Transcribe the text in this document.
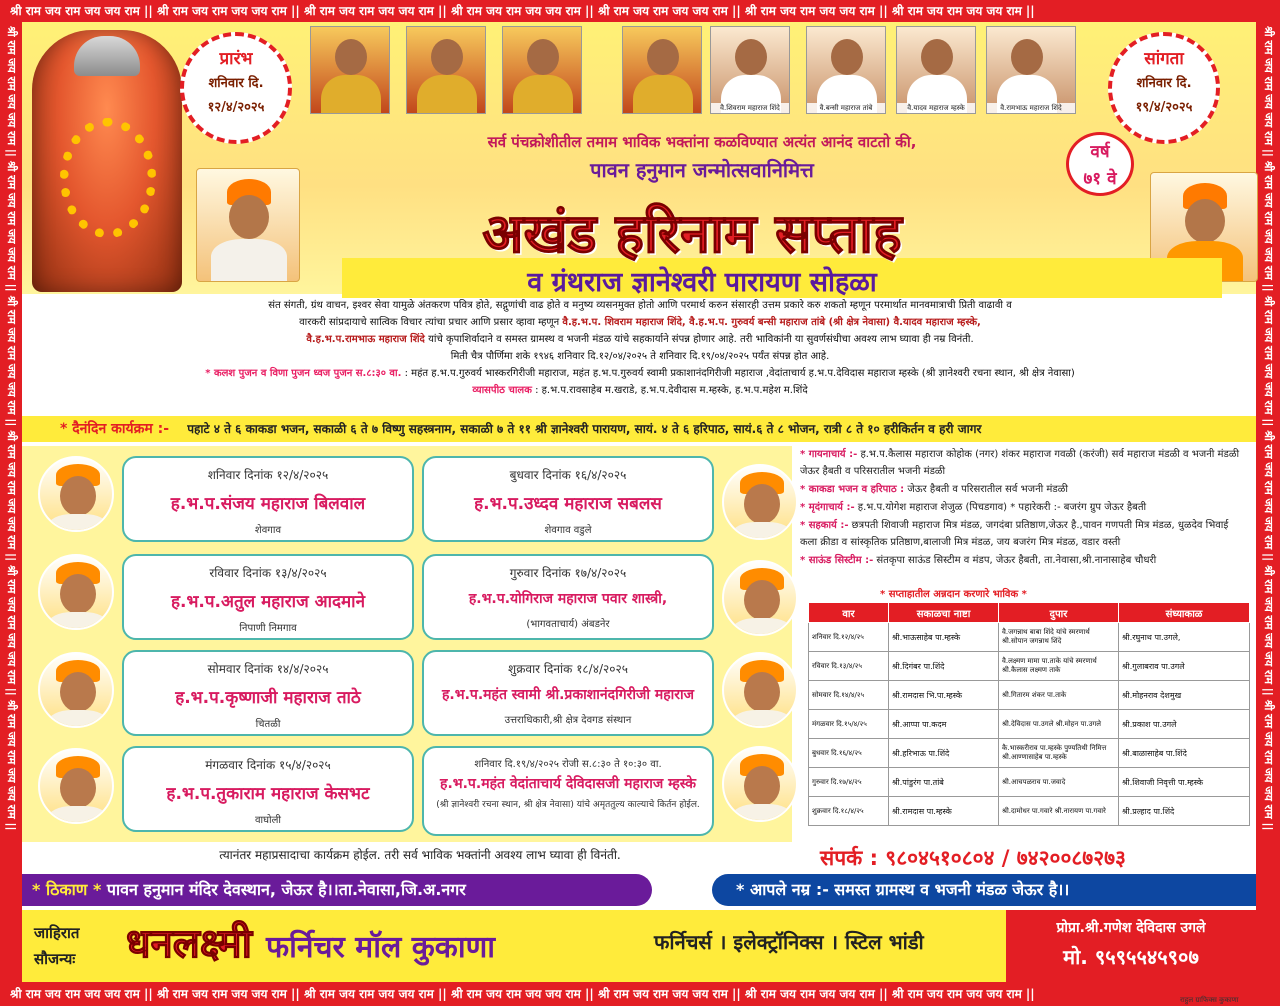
श्री राम जय राम जय जय राम || श्री राम जय राम जय जय राम || श्री राम जय राम जय जय राम || श्री राम जय राम जय जय राम || श्री राम जय राम जय जय राम || श्री राम जय राम जय जय राम || श्री राम जय राम जय जय राम ||
श्री राम जय राम जय जय राम || श्री राम जय राम जय जय राम || श्री राम जय राम जय जय राम || श्री राम जय राम जय जय राम || श्री राम जय राम जय जय राम || श्री राम जय राम जय जय राम || श्री राम जय राम जय जय राम ||
श्री राम जय राम जय जय राम || श्री राम जय राम जय जय राम || श्री राम जय राम जय जय राम || श्री राम जय राम जय जय राम || श्री राम जय राम जय जय राम || श्री राम जय राम जय जय राम ||
श्री राम जय राम जय जय राम || श्री राम जय राम जय जय राम || श्री राम जय राम जय जय राम || श्री राम जय राम जय जय राम || श्री राम जय राम जय जय राम || श्री राम जय राम जय जय राम ||
प्रारंभ
शनिवार दि.
१२/४/२०२५
सांगता
शनिवार दि.
१९/४/२०२५
वै.शिवराम महाराज शिंदे	वै.बन्सी महाराज तांबे	वै.यादव महाराज म्हस्के	वै.रामभाऊ महाराज शिंदे
सर्व पंचक्रोशीतील तमाम भाविक भक्तांना कळविण्यात अत्यंत आनंद वाटतो की,
पावन हनुमान जन्मोत्सवानिमित्त
वर्ष
७१ वे
अखंड हरिनाम सप्ताह
व ग्रंथराज ज्ञानेश्वरी पारायण सोहळा
संत संगती, ग्रंथ वाचन, इश्वर सेवा यामुळे अंतकरण पवित्र होते, सद्गुणांची वाढ होते व मनुष्य व्यसनमुक्त होतो आणि परमार्थ करुन संसारही उत्तम प्रकारे करु शकतो म्हणून परमार्थात मानवमात्राची प्रिती वाढावी व
वारकरी सांप्रदायाचे सात्विक विचार त्यांचा प्रचार आणि प्रसार व्हावा म्हणून वै.ह.भ.प. शिवराम महाराज शिंदे, वै.ह.भ.प. गुरुवर्य बन्सी महाराज तांबे (श्री क्षेत्र नेवासा) वै.यादव महाराज म्हस्के,
वै.ह.भ.प.रामभाऊ महाराज शिंदे यांचे कृपाशिर्वादाने व समस्त ग्रामस्थ व भजनी मंडळ यांचे सहकार्याने संपन्न होणार आहे. तरी भाविकांनी या सुवर्णसंधीचा अवश्य लाभ घ्यावा ही नम्र विनंती.
मिती चैत्र पौर्णिमा शके १९४६ शनिवार दि.१२/०४/२०२५ ते शनिवार दि.१९/०४/२०२५ पर्यंत संपन्न होत आहे.
* कलश पुजन व विणा पुजन ध्वज पुजन स.८:३० वा. : महंत ह.भ.प.गुरुवर्य भास्करगिरीजी महाराज, महंत ह.भ.प.गुरुवर्य स्वामी प्रकाशानंदगिरीजी महाराज ,वेदांताचार्य ह.भ.प.देविदास महाराज म्हस्के (श्री ज्ञानेश्वरी रचना स्थान, श्री क्षेत्र नेवासा)
व्यासपीठ चालक : ह.भ.प.रावसाहेब म.खराडे, ह.भ.प.देवीदास म.म्हस्के, ह.भ.प.महेश म.शिंदे
* दैनंदिन कार्यक्रम :- पहाटे ४ ते ६ काकडा भजन, सकाळी ६ ते ७ विष्णु सहस्त्रनाम, सकाळी ७ ते ११ श्री ज्ञानेश्वरी पारायण, सायं. ४ ते ६ हरिपाठ, सायं.६ ते ८ भोजन, रात्री ८ ते १० हरीकिर्तन व हरी जागर
शनिवार दिनांक १२/४/२०२५
ह.भ.प.संजय महाराज बिलवाल
शेवगाव
बुधवार दिनांक १६/४/२०२५
ह.भ.प.उध्दव महाराज सबलस
शेवगाव वडुले
रविवार दिनांक १३/४/२०२५
ह.भ.प.अतुल महाराज आदमाने
निपाणी निमगाव
गुरुवार दिनांक १७/४/२०२५
ह.भ.प.योगिराज महाराज पवार शास्त्री,
(भागवताचार्य) अंबडनेर
सोमवार दिनांक १४/४/२०२५
ह.भ.प.कृष्णाजी महाराज ताठे
चितळी
शुक्रवार दिनांक १८/४/२०२५
ह.भ.प.महंत स्वामी श्री.प्रकाशानंदगिरीजी महाराज
उत्तराधिकारी,श्री क्षेत्र देवगड संस्थान
मंगळवार दिनांक १५/४/२०२५
ह.भ.प.तुकाराम महाराज केसभट
वाघोली
शनिवार दि.१९/४/२०२५ रोजी स.८:३० ते १०:३० वा.
ह.भ.प.महंत वेदांताचार्य देविदासजी महाराज म्हस्के
(श्री ज्ञानेश्वरी रचना स्थान, श्री क्षेत्र नेवासा) यांचे अमृततुल्य काल्याचे किर्तन होईल.
त्यानंतर महाप्रसादाचा कार्यक्रम होईल. तरी सर्व भाविक भक्तांनी अवश्य लाभ घ्यावा ही विनंती.
* गायनाचार्य :- ह.भ.प.कैलास महाराज कोहोक (नगर) शंकर महाराज गवळी (करंजी) सर्व महाराज मंडळी व भजनी मंडळी जेऊर हैबती व परिसरातील भजनी मंडळी
* काकडा भजन व हरिपाठ : जेऊर हैबती व परिसरातील सर्व भजनी मंडळी
* मृदंगाचार्य :- ह.भ.प.योगेश महाराज शेजुळ (पिचडगाव) * पहारेकरी :- बजरंग ग्रुप जेऊर हैबती
* सहकार्य :- छत्रपती शिवाजी महाराज मित्र मंडळ, जगदंबा प्रतिष्ठाण,जेऊर है.,पावन गणपती मित्र मंडळ, धुळदेव भिवाई कला क्रीडा व सांस्कृतिक प्रतिष्ठाण,बालाजी मित्र मंडळ, जय बजरंग मित्र मंडळ, वडार वस्ती
* साऊंड सिस्टीम :- संतकृपा साऊंड सिस्टीम व मंडप, जेऊर हैबती, ता.नेवासा,श्री.नानासाहेब चौधरी
* सप्ताहातील अन्नदान करणारे भाविक *
वार	सकाळचा नाष्टा	दुपार	संध्याकाळ
शनिवार दि.१२/४/२५	श्री.भाऊसाहेब पा.म्हस्के	वै.जगन्नाथ बाबा शिंदे यांचे स्मरणार्थ श्री.सोपान जगन्नाथ शिंदे	श्री.रघुनाथ पा.उगले,
रविवार दि.१३/४/२५	श्री.दिगंबर पा.शिंदे	वै.लक्ष्मण मामा पा.ताके यांचे स्मरणार्थ श्री.कैलास लक्ष्मण ताके	श्री.गुलाबराव पा.उगले
सोमवार दि.१४/४/२५	श्री.रामदास भि.पा.म्हस्के	श्री.गितारम शंकर पा.ताके	श्री.मोहनराव देशमुख
मंगळवार दि.१५/४/२५	श्री.आप्पा पा.कदम	श्री.देविदास पा.उगले श्री.मोहन पा.उगले	श्री.प्रकाश पा.उगले
बुधवार दि.१६/४/२५	श्री.हरिभाऊ पा.शिंदे	कै.भास्करीराव पा.म्हस्के पुण्यतिथी निमित्त श्री.आण्णासाहेब पा.म्हस्के	श्री.बाळासाहेब पा.शिंदे
गुरुवार दि.१७/४/२५	श्री.पांडुरंग पा.तांबे	श्री.आचपळराव पा.जवादे	श्री.शिवाजी निवृत्ती पा.म्हस्के
शुक्रवार दि.१८/४/२५	श्री.रामदास पा.म्हस्के	श्री.दामोधर पा.गवारे श्री.नारायण पा.गवारे	श्री.प्रल्हाद पा.शिंदे
संपर्क : ९८०४५१०८०४ / ७४२००८७२७३
* ठिकाण * पावन हनुमान मंदिर देवस्थान, जेऊर है।।ता.नेवासा,जि.अ.नगर	* आपले नम्र :- समस्त ग्रामस्थ व भजनी मंडळ जेऊर है।।
जाहिरात
सौजन्यः	धनलक्ष्मी फर्निचर मॉल कुकाणा	फर्निचर्स । इलेक्ट्रॉनिक्स । स्टिल भांडी
प्रोप्रा.श्री.गणेश देविदास उगले
मो. ९५९५५४५९०७
राहुल ग्राफिक्स कुकाणा
